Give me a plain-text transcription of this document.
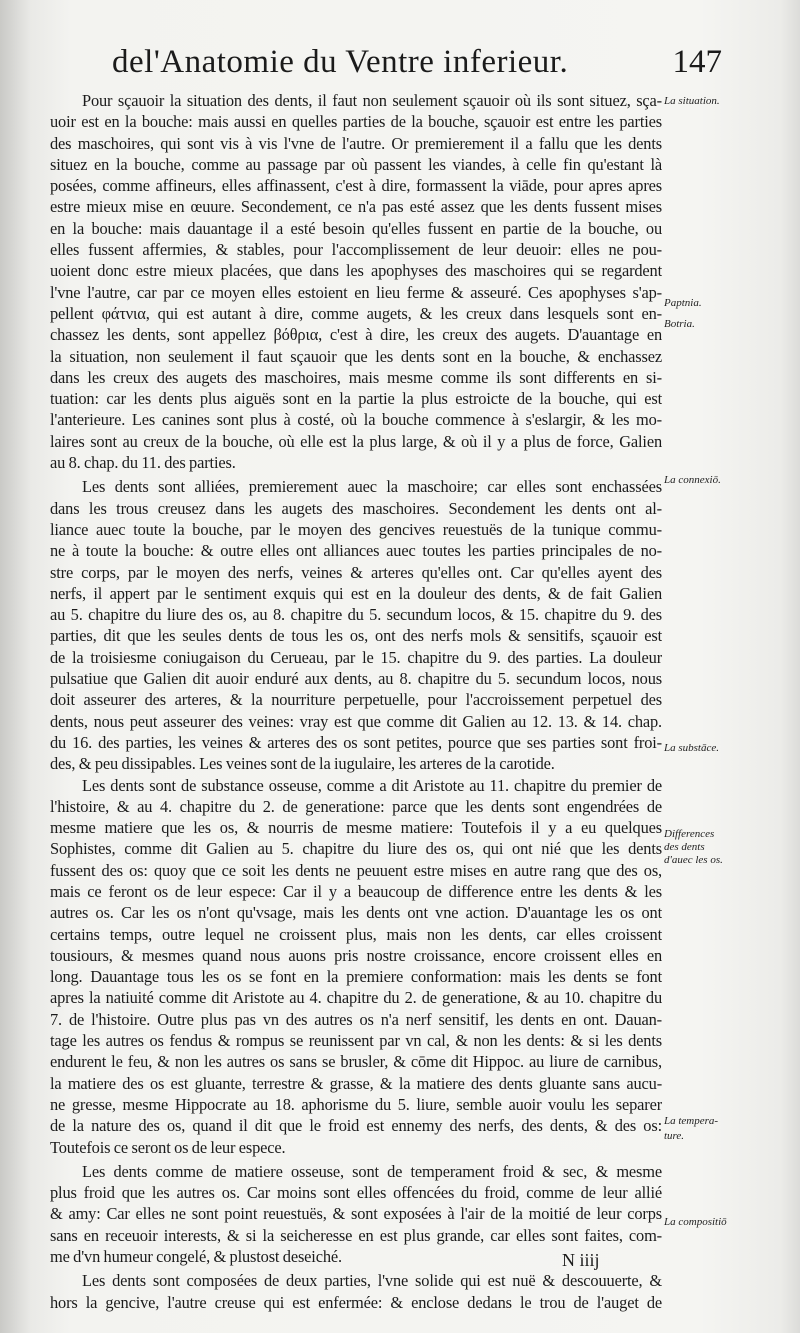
del'Anatomie du Ventre inferieur.	147
Pour sçauoir la situation des dents, il faut non seulement sçauoir où ils sont situez, sça-
uoir est en la bouche: mais aussi en quelles parties de la bouche, sçauoir est entre les parties
des maschoires, qui sont vis à vis l'vne de l'autre. Or premierement il a fallu que les dents
situez en la bouche, comme au passage par où passent les viandes, à celle fin qu'estant là
posées, comme affineurs, elles affinassent, c'est à dire, formassent la viāde, pour apres apres
estre mieux mise en œuure. Secondement, ce n'a pas esté assez que les dents fussent mises
en la bouche: mais dauantage il a esté besoin qu'elles fussent en partie de la bouche, ou
elles fussent affermies, & stables, pour l'accomplissement de leur deuoir: elles ne pou-
uoient donc estre mieux placées, que dans les apophyses des maschoires qui se regardent
l'vne l'autre, car par ce moyen elles estoient en lieu ferme & asseuré. Ces apophyses s'ap-
pellent φάτνια, qui est autant à dire, comme augets, & les creux dans lesquels sont en-
chassez les dents, sont appellez βόθρια, c'est à dire, les creux des augets. D'auantage en
la situation, non seulement il faut sçauoir que les dents sont en la bouche, & enchassez
dans les creux des augets des maschoires, mais mesme comme ils sont differents en si-
tuation: car les dents plus aiguës sont en la partie la plus estroicte de la bouche, qui est
l'anterieure. Les canines sont plus à costé, où la bouche commence à s'eslargir, & les mo-
laires sont au creux de la bouche, où elle est la plus large, & où il y a plus de force, Galien
au 8. chap. du 11. des parties.
Les dents sont alliées, premierement auec la maschoire; car elles sont enchassées
dans les trous creusez dans les augets des maschoires. Secondement les dents ont al-
liance auec toute la bouche, par le moyen des gencives reuestuës de la tunique commu-
ne à toute la bouche: & outre elles ont alliances auec toutes les parties principales de no-
stre corps, par le moyen des nerfs, veines & arteres qu'elles ont. Car qu'elles ayent des
nerfs, il appert par le sentiment exquis qui est en la douleur des dents, & de fait Galien
au 5. chapitre du liure des os, au 8. chapitre du 5. secundum locos, & 15. chapitre du 9. des
parties, dit que les seules dents de tous les os, ont des nerfs mols & sensitifs, sçauoir est
de la troisiesme coniugaison du Cerueau, par le 15. chapitre du 9. des parties. La douleur
pulsatiue que Galien dit auoir enduré aux dents, au 8. chapitre du 5. secundum locos, nous
doit asseurer des arteres, & la nourriture perpetuelle, pour l'accroissement perpetuel des
dents, nous peut asseurer des veines: vray est que comme dit Galien au 12. 13. & 14. chap.
du 16. des parties, les veines & arteres des os sont petites, pource que ses parties sont froi-
des, & peu dissipables. Les veines sont de la iugulaire, les arteres de la carotide.
Les dents sont de substance osseuse, comme a dit Aristote au 11. chapitre du premier de
l'histoire, & au 4. chapitre du 2. de generatione: parce que les dents sont engendrées de
mesme matiere que les os, & nourris de mesme matiere: Toutefois il y a eu quelques
Sophistes, comme dit Galien au 5. chapitre du liure des os, qui ont nié que les dents
fussent des os: quoy que ce soit les dents ne peuuent estre mises en autre rang que des os,
mais ce feront os de leur espece: Car il y a beaucoup de difference entre les dents & les
autres os. Car les os n'ont qu'vsage, mais les dents ont vne action. D'auantage les os ont
certains temps, outre lequel ne croissent plus, mais non les dents, car elles croissent
tousiours, & mesmes quand nous auons pris nostre croissance, encore croissent elles en
long. Dauantage tous les os se font en la premiere conformation: mais les dents se font
apres la natiuité comme dit Aristote au 4. chapitre du 2. de generatione, & au 10. chapitre du
7. de l'histoire. Outre plus pas vn des autres os n'a nerf sensitif, les dents en ont. Dauan-
tage les autres os fendus & rompus se reunissent par vn cal, & non les dents: & si les dents
endurent le feu, & non les autres os sans se brusler, & cōme dit Hippoc. au liure de carnibus,
la matiere des os est gluante, terrestre & grasse, & la matiere des dents gluante sans aucu-
ne gresse, mesme Hippocrate au 18. aphorisme du 5. liure, semble auoir voulu les separer
de la nature des os, quand il dit que le froid est ennemy des nerfs, des dents, & des os:
Toutefois ce seront os de leur espece.
Les dents comme de matiere osseuse, sont de temperament froid & sec, & mesme
plus froid que les autres os. Car moins sont elles offencées du froid, comme de leur allié
& amy: Car elles ne sont point reuestuës, & sont exposées à l'air de la moitié de leur corps
sans en receuoir interests, & si la seicheresse en est plus grande, car elles sont faites, com-
me d'vn humeur congelé, & plustost deseiché.
Les dents sont composées de deux parties, l'vne solide qui est nuë & descouuerte, &
hors la gencive, l'autre creuse qui est enfermée: & enclose dedans le trou de l'auget de
La situation.
Paptnia.
Botria.
La connexiō.
La substāce.
Differences
des dents
d'auec les os.
La tempera-
ture.
La compositiō
N iiij
